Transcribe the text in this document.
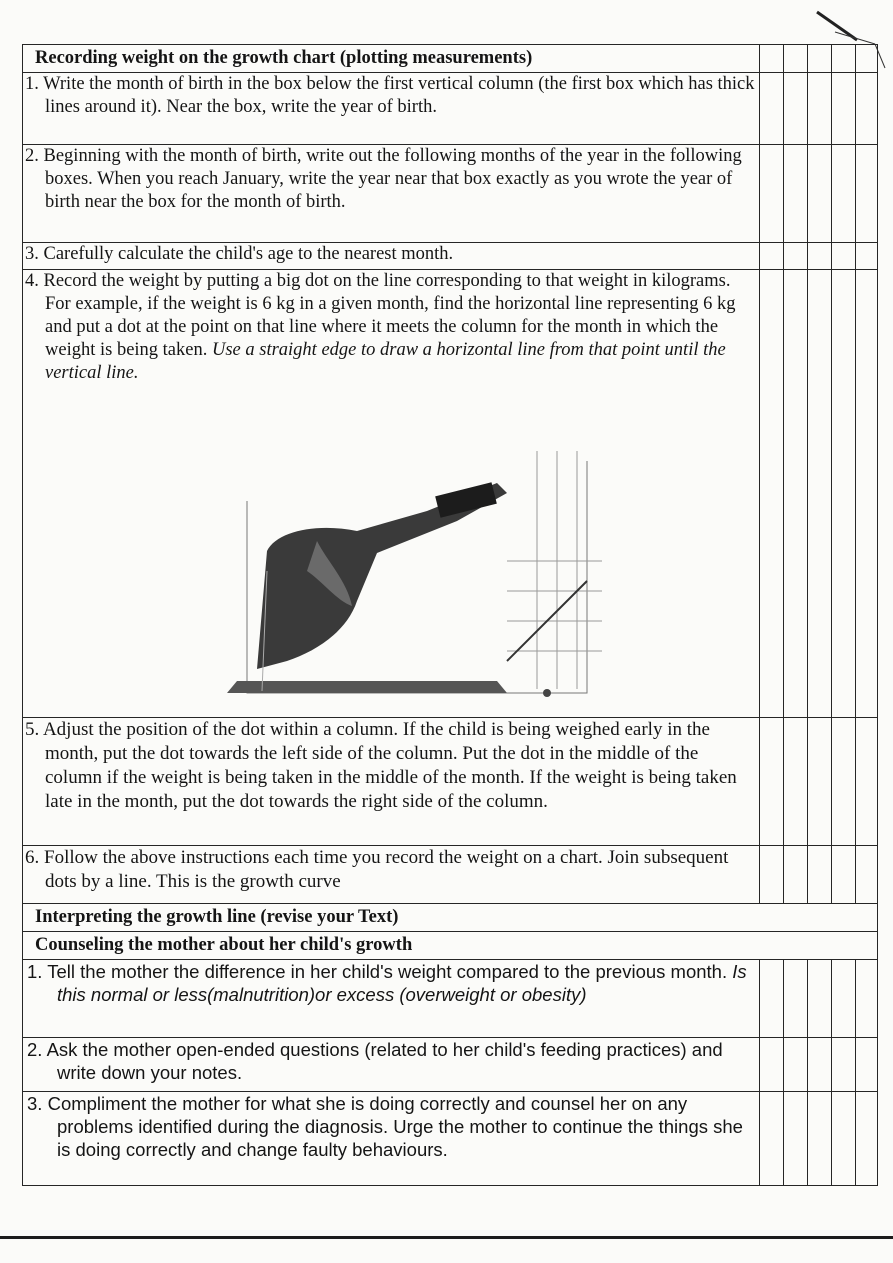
Recording weight on the growth chart (plotting measurements)					

1. Write the month of birth in the box below the first vertical column (the first box which has thick lines around it). Near the box, write the year of birth.					

2. Beginning with the month of birth, write out the following months of the year in the following boxes. When you reach January, write the year near that box exactly as you wrote the year of birth near the box for the month of birth.					

3. Carefully calculate the child's age to the nearest month.					

4. Record the weight by putting a big dot on the line corresponding to that weight in kilograms. For example, if the weight is 6 kg in a given month, find the horizontal line representing 6 kg and put a dot at the point on that line where it meets the column for the month in which the weight is being taken. Use a straight edge to draw a horizontal line from that point until the vertical line.					

5. Adjust the position of the dot within a column. If the child is being weighed early in the month, put the dot towards the left side of the column. Put the dot in the middle of the column if the weight is being taken in the middle of the month. If the weight is being taken late in the month, put the dot towards the right side of the column.					

6. Follow the above instructions each time you record the weight on a chart. Join subsequent dots by a line. This is the growth curve					

Interpreting the growth line (revise your Text)					
Counseling the mother about her child's growth					

1. Tell the mother the difference in her child's weight compared to the previous month. Is this normal or less(malnutrition)or excess (overweight or obesity)					

2. Ask the mother open-ended questions (related to her child's feeding practices) and write down your notes.					

3. Compliment the mother for what she is doing correctly and counsel her on any problems identified during the diagnosis. Urge the mother to continue the things she is doing correctly and change faulty behaviours.					
